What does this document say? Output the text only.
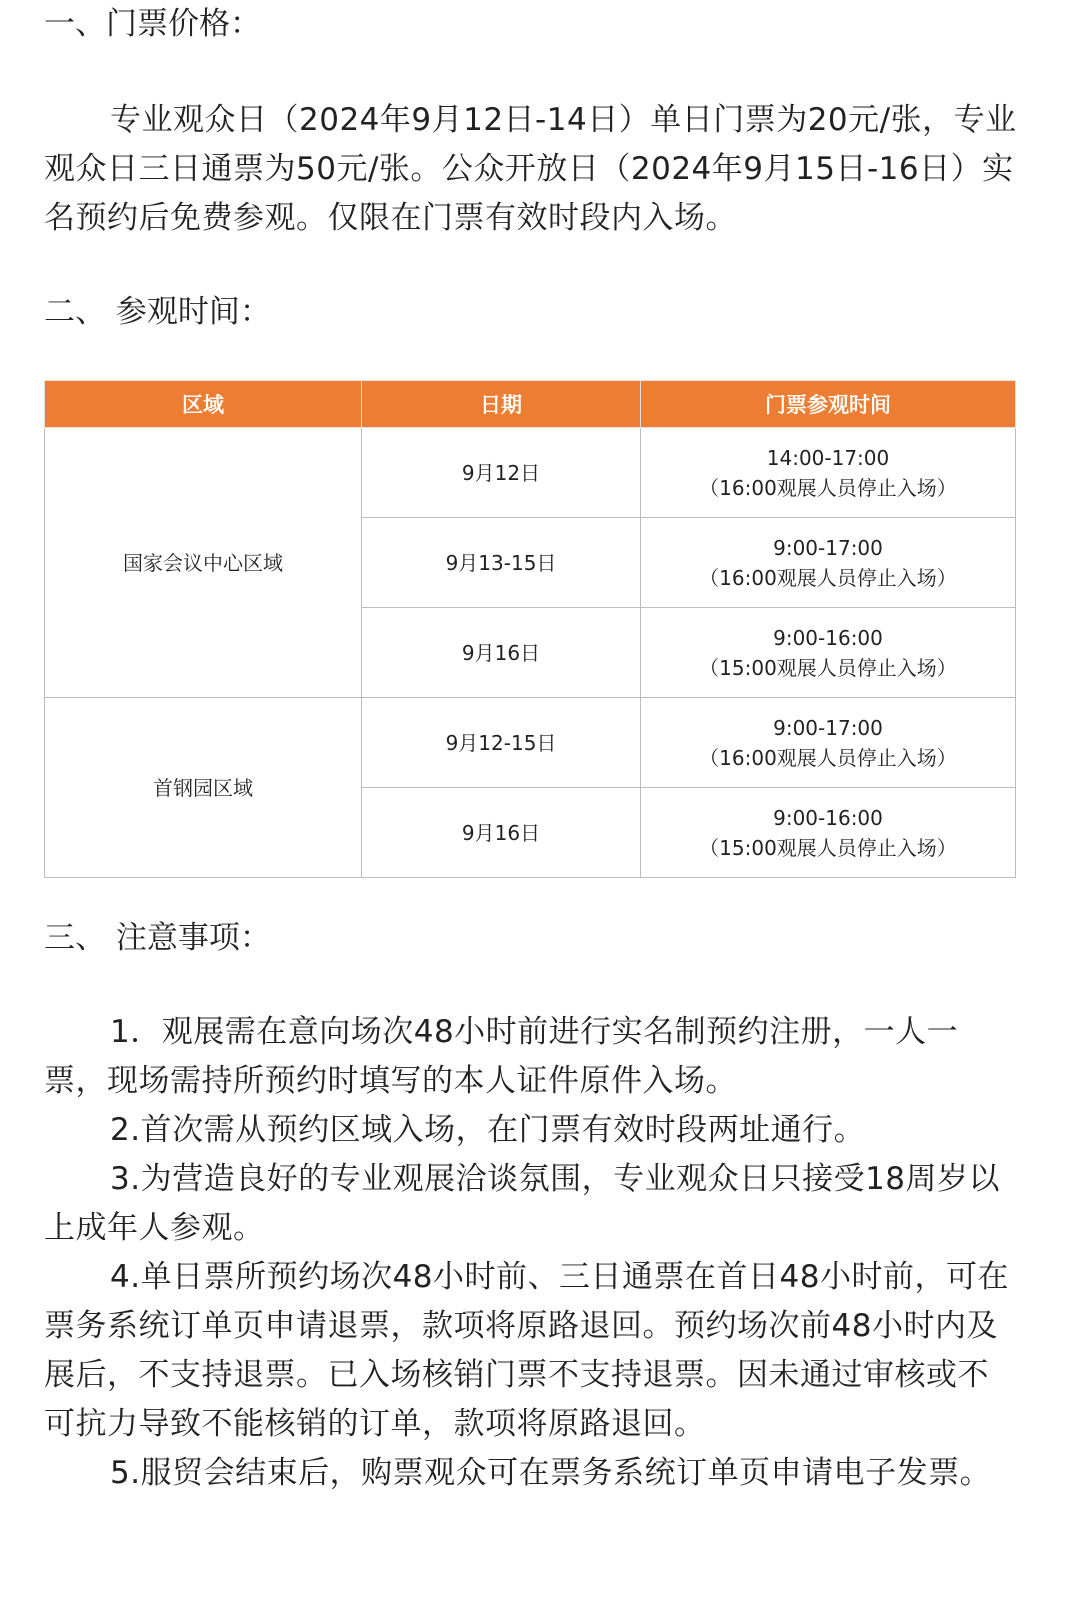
一、门票价格：
专业观众日（2024年9月12日-14日）单日门票为20元/张，专业观众日三日通票为50元/张。公众开放日（2024年9月15日-16日）实名预约后免费参观。仅限在门票有效时段内入场。
二、 参观时间：
区域	日期	门票参观时间
国家会议中心区域	9月12日	14:00-17:00
（16:00观展人员停止入场）

	9月13-15日	9:00-17:00
（16:00观展人员停止入场）

	9月16日	9:00-16:00
（15:00观展人员停止入场）

首钢园区域	9月12-15日	9:00-17:00
（16:00观展人员停止入场）

	9月16日	9:00-16:00
（15:00观展人员停止入场）
三、 注意事项：
1．观展需在意向场次48小时前进行实名制预约注册，一人一票，现场需持所预约时填写的本人证件原件入场。
2.首次需从预约区域入场，在门票有效时段两址通行。
3.为营造良好的专业观展洽谈氛围，专业观众日只接受18周岁以上成年人参观。
4.单日票所预约场次48小时前、三日通票在首日48小时前，可在票务系统订单页申请退票，款项将原路退回。预约场次前48小时内及展后，不支持退票。已入场核销门票不支持退票。因未通过审核或不可抗力导致不能核销的订单，款项将原路退回。
5.服贸会结束后，购票观众可在票务系统订单页申请电子发票。
